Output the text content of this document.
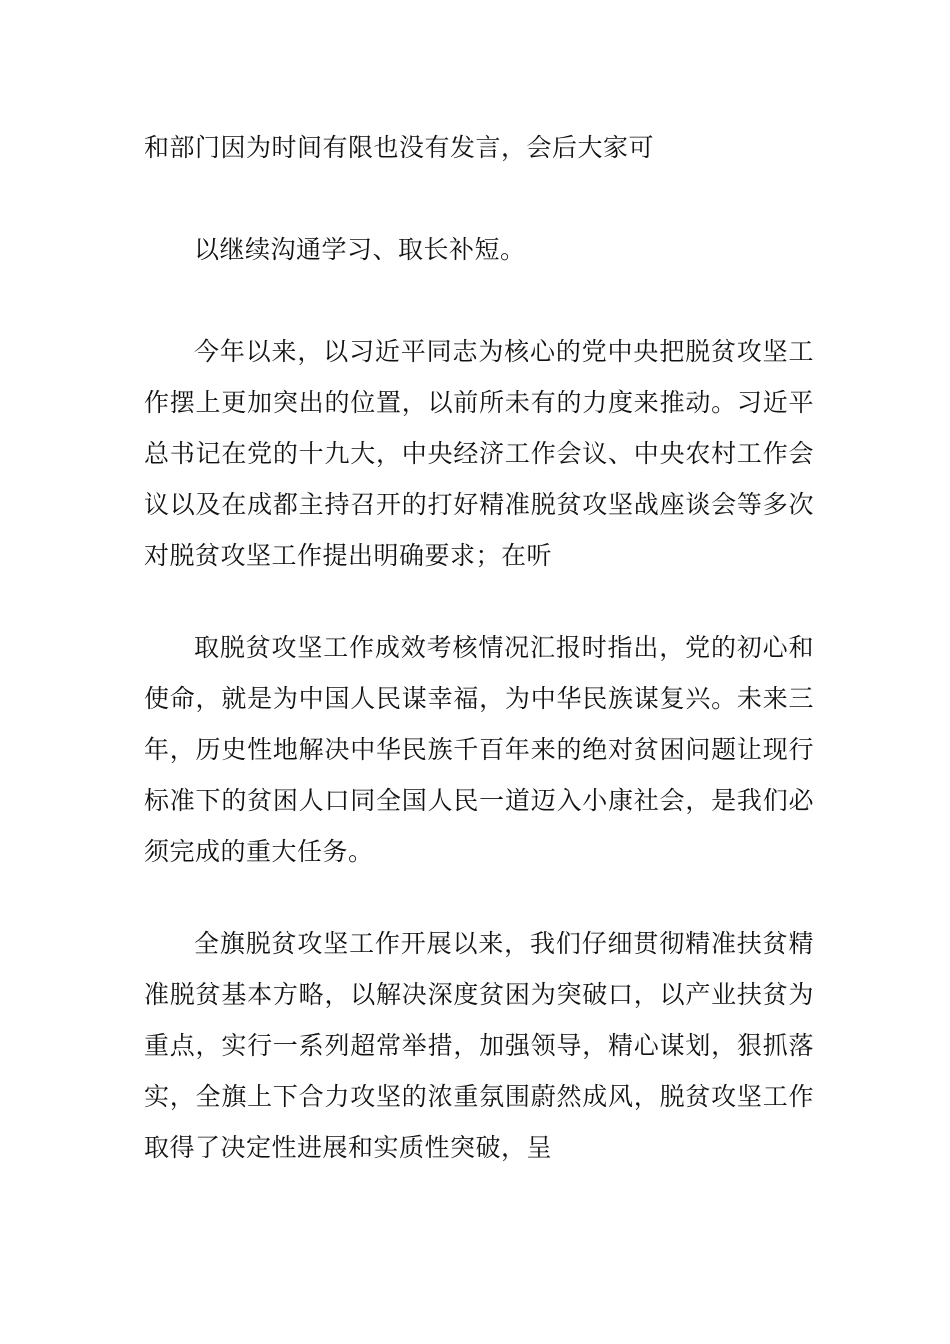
和部门因为时间有限也没有发言，会后大家可

以继续沟通学习、取长补短。

今年以来，以习近平同志为核心的党中央把脱贫攻坚工作摆上更加突出的位置，以前所未有的力度来推动。习近平总书记在党的十九大，中央经济工作会议、中央农村工作会议以及在成都主持召开的打好精准脱贫攻坚战座谈会等多次对脱贫攻坚工作提出明确要求；在听

取脱贫攻坚工作成效考核情况汇报时指出，党的初心和使命，就是为中国人民谋幸福，为中华民族谋复兴。未来三年，历史性地解决中华民族千百年来的绝对贫困问题让现行标准下的贫困人口同全国人民一道迈入小康社会，是我们必须完成的重大任务。

全旗脱贫攻坚工作开展以来，我们仔细贯彻精准扶贫精准脱贫基本方略，以解决深度贫困为突破口，以产业扶贫为重点，实行一系列超常举措，加强领导，精心谋划，狠抓落实，全旗上下合力攻坚的浓重氛围蔚然成风，脱贫攻坚工作取得了决定性进展和实质性突破，呈
